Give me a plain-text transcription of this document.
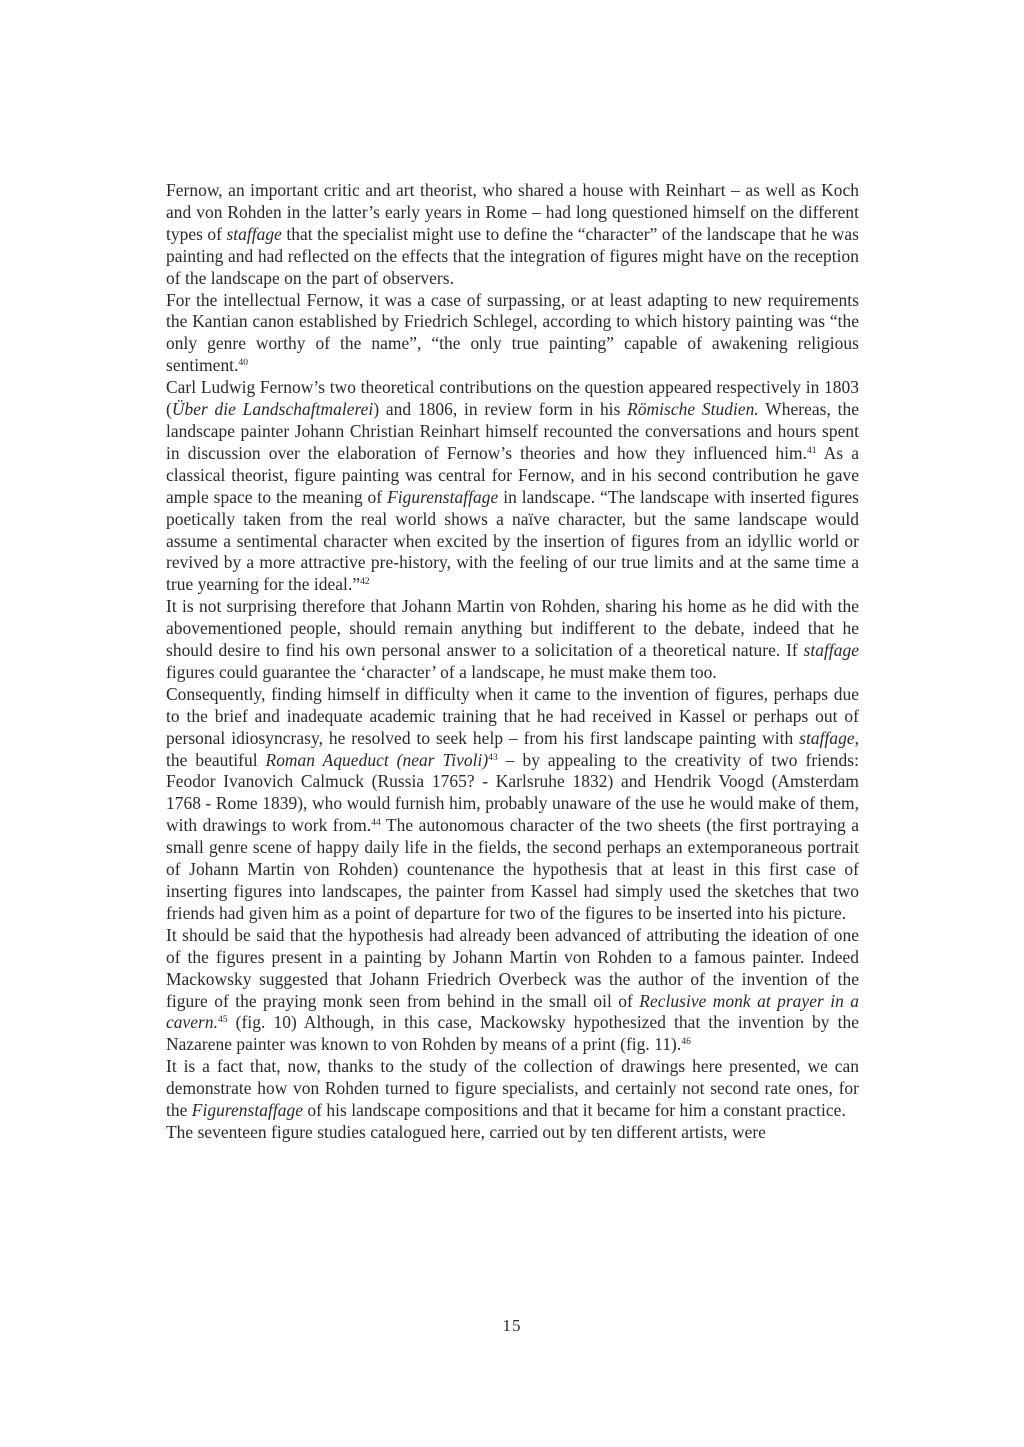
Fernow, an important critic and art theorist, who shared a house with Reinhart – as well as Koch and von Rohden in the latter’s early years in Rome – had long questioned himself on the different types of staffage that the specialist might use to define the “character” of the landscape that he was painting and had reflected on the effects that the integration of figures might have on the reception of the landscape on the part of observers.

For the intellectual Fernow, it was a case of surpassing, or at least adapting to new requirements the Kantian canon established by Friedrich Schlegel, according to which history painting was “the only genre worthy of the name”, “the only true painting” capable of awakening religious sentiment.$^{40}$

Carl Ludwig Fernow’s two theoretical contributions on the question appeared respectively in 1803 (Über die Landschaftmalerei) and 1806, in review form in his Römische Studien. Whereas, the landscape painter Johann Christian Reinhart himself recounted the conversations and hours spent in discussion over the elaboration of Fernow’s theories and how they influenced him.$^{41}$ As a classical theorist, figure painting was central for Fernow, and in his second contribution he gave ample space to the meaning of Figurenstaffage in landscape. “The landscape with inserted figures poetically taken from the real world shows a naïve character, but the same landscape would assume a sentimental character when excited by the insertion of figures from an idyllic world or revived by a more attractive pre-history, with the feeling of our true limits and at the same time a true yearning for the ideal.”$^{42}$

It is not surprising therefore that Johann Martin von Rohden, sharing his home as he did with the abovementioned people, should remain anything but indifferent to the debate, indeed that he should desire to find his own personal answer to a solicitation of a theoretical nature. If staffage figures could guarantee the ‘character’ of a landscape, he must make them too.

Consequently, finding himself in difficulty when it came to the invention of figures, perhaps due to the brief and inadequate academic training that he had received in Kassel or perhaps out of personal idiosyncrasy, he resolved to seek help – from his first landscape painting with staffage, the beautiful Roman Aqueduct (near Tivoli)$^{43}$ – by appealing to the creativity of two friends: Feodor Ivanovich Calmuck (Russia 1765? - Karlsruhe 1832) and Hendrik Voogd (Amsterdam 1768 - Rome 1839), who would furnish him, probably unaware of the use he would make of them, with drawings to work from.$^{44}$ The autonomous character of the two sheets (the first portraying a small genre scene of happy daily life in the fields, the second perhaps an extemporaneous portrait of Johann Martin von Rohden) countenance the hypothesis that at least in this first case of inserting figures into landscapes, the painter from Kassel had simply used the sketches that two friends had given him as a point of departure for two of the figures to be inserted into his picture.

It should be said that the hypothesis had already been advanced of attributing the ideation of one of the figures present in a painting by Johann Martin von Rohden to a famous painter. Indeed Mackowsky suggested that Johann Friedrich Overbeck was the author of the invention of the figure of the praying monk seen from behind in the small oil of Reclusive monk at prayer in a cavern.$^{45}$ (fig. 10) Although, in this case, Mackowsky hypothesized that the invention by the Nazarene painter was known to von Rohden by means of a print (fig. 11).$^{46}$

It is a fact that, now, thanks to the study of the collection of drawings here presented, we can demonstrate how von Rohden turned to figure specialists, and certainly not second rate ones, for the Figurenstaffage of his landscape compositions and that it became for him a constant practice.

The seventeen figure studies catalogued here, carried out by ten different artists, were

15
